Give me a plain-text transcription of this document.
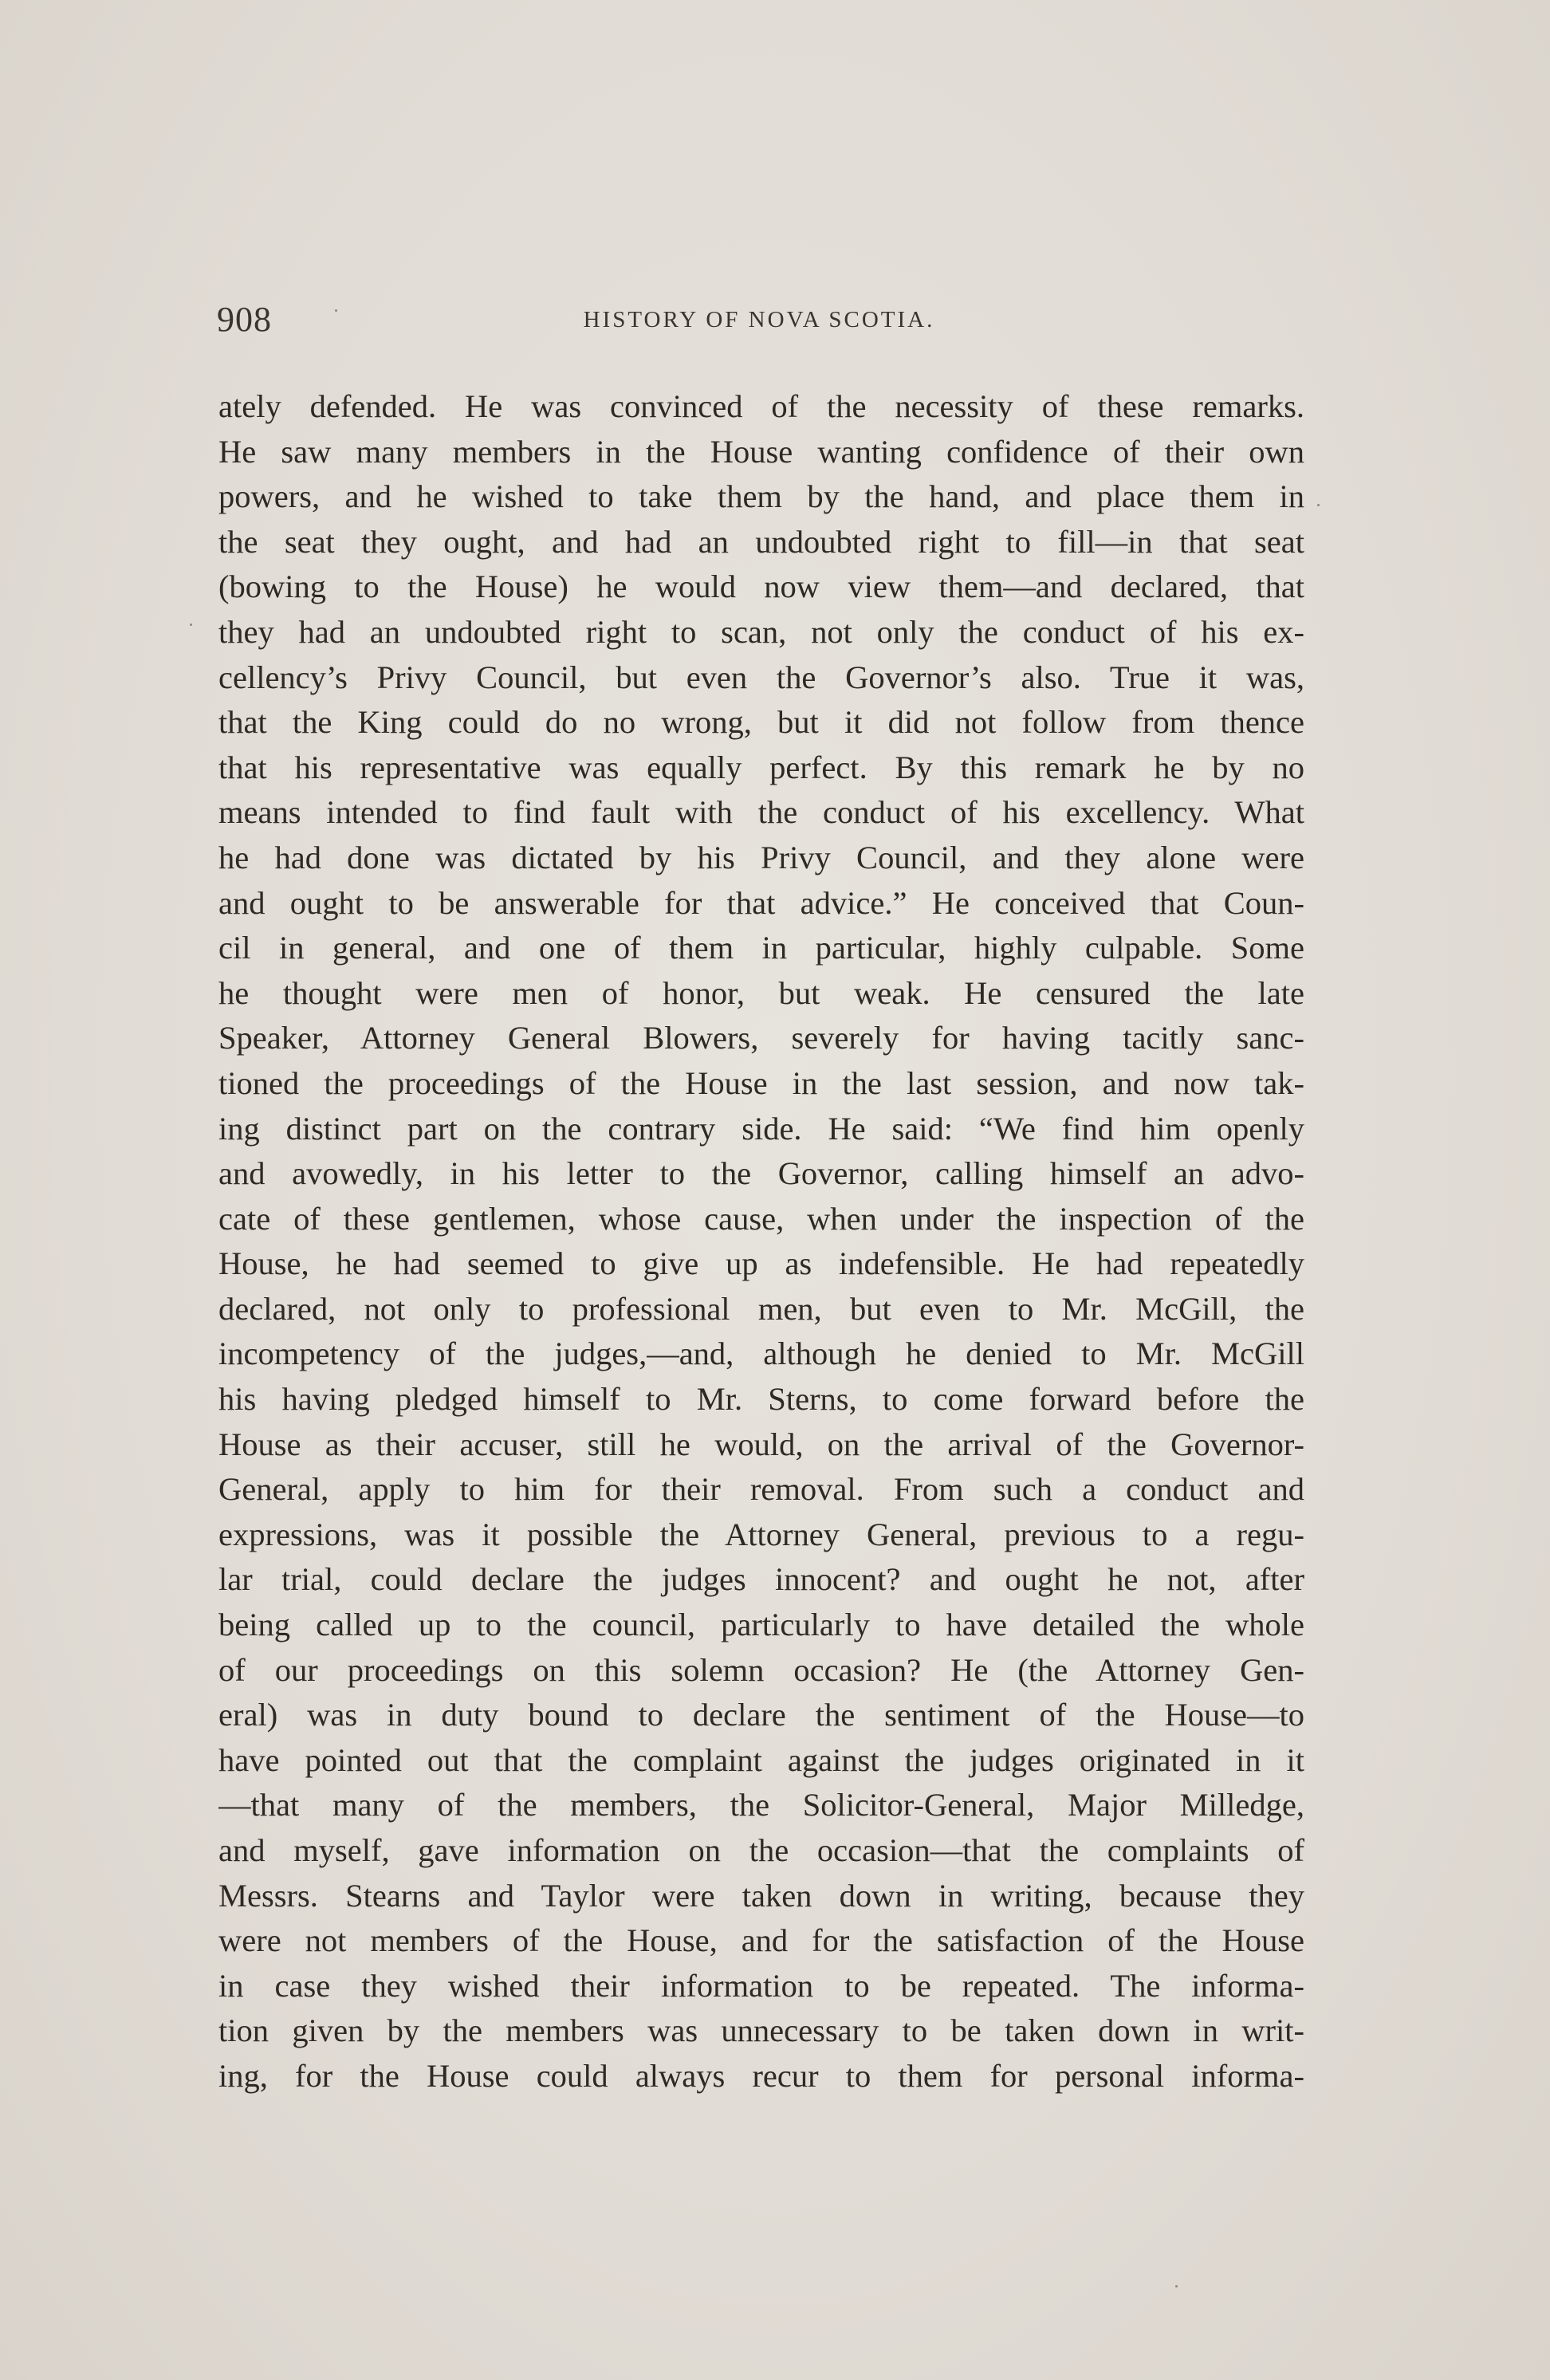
908	HISTORY OF NOVA SCOTIA.
ately defended. He was convinced of the necessity of these remarks.
He saw many members in the House wanting confidence of their own
powers, and he wished to take them by the hand, and place them in
the seat they ought, and had an undoubted right to fill—in that seat
(bowing to the House) he would now view them—and declared, that
they had an undoubted right to scan, not only the conduct of his ex-
cellency’s Privy Council, but even the Governor’s also. True it was,
that the King could do no wrong, but it did not follow from thence
that his representative was equally perfect. By this remark he by no
means intended to find fault with the conduct of his excellency. What
he had done was dictated by his Privy Council, and they alone were
and ought to be answerable for that advice.” He conceived that Coun-
cil in general, and one of them in particular, highly culpable. Some
he thought were men of honor, but weak. He censured the late
Speaker, Attorney General Blowers, severely for having tacitly sanc-
tioned the proceedings of the House in the last session, and now tak-
ing distinct part on the contrary side. He said: “We find him openly
and avowedly, in his letter to the Governor, calling himself an advo-
cate of these gentlemen, whose cause, when under the inspection of the
House, he had seemed to give up as indefensible. He had repeatedly
declared, not only to professional men, but even to Mr. McGill, the
incompetency of the judges,—and, although he denied to Mr. McGill
his having pledged himself to Mr. Sterns, to come forward before the
House as their accuser, still he would, on the arrival of the Governor-
General, apply to him for their removal. From such a conduct and
expressions, was it possible the Attorney General, previous to a regu-
lar trial, could declare the judges innocent? and ought he not, after
being called up to the council, particularly to have detailed the whole
of our proceedings on this solemn occasion? He (the Attorney Gen-
eral) was in duty bound to declare the sentiment of the House—to
have pointed out that the complaint against the judges originated in it
—that many of the members, the Solicitor-General, Major Milledge,
and myself, gave information on the occasion—that the complaints of
Messrs. Stearns and Taylor were taken down in writing, because they
were not members of the House, and for the satisfaction of the House
in case they wished their information to be repeated. The informa-
tion given by the members was unnecessary to be taken down in writ-
ing, for the House could always recur to them for personal informa-
